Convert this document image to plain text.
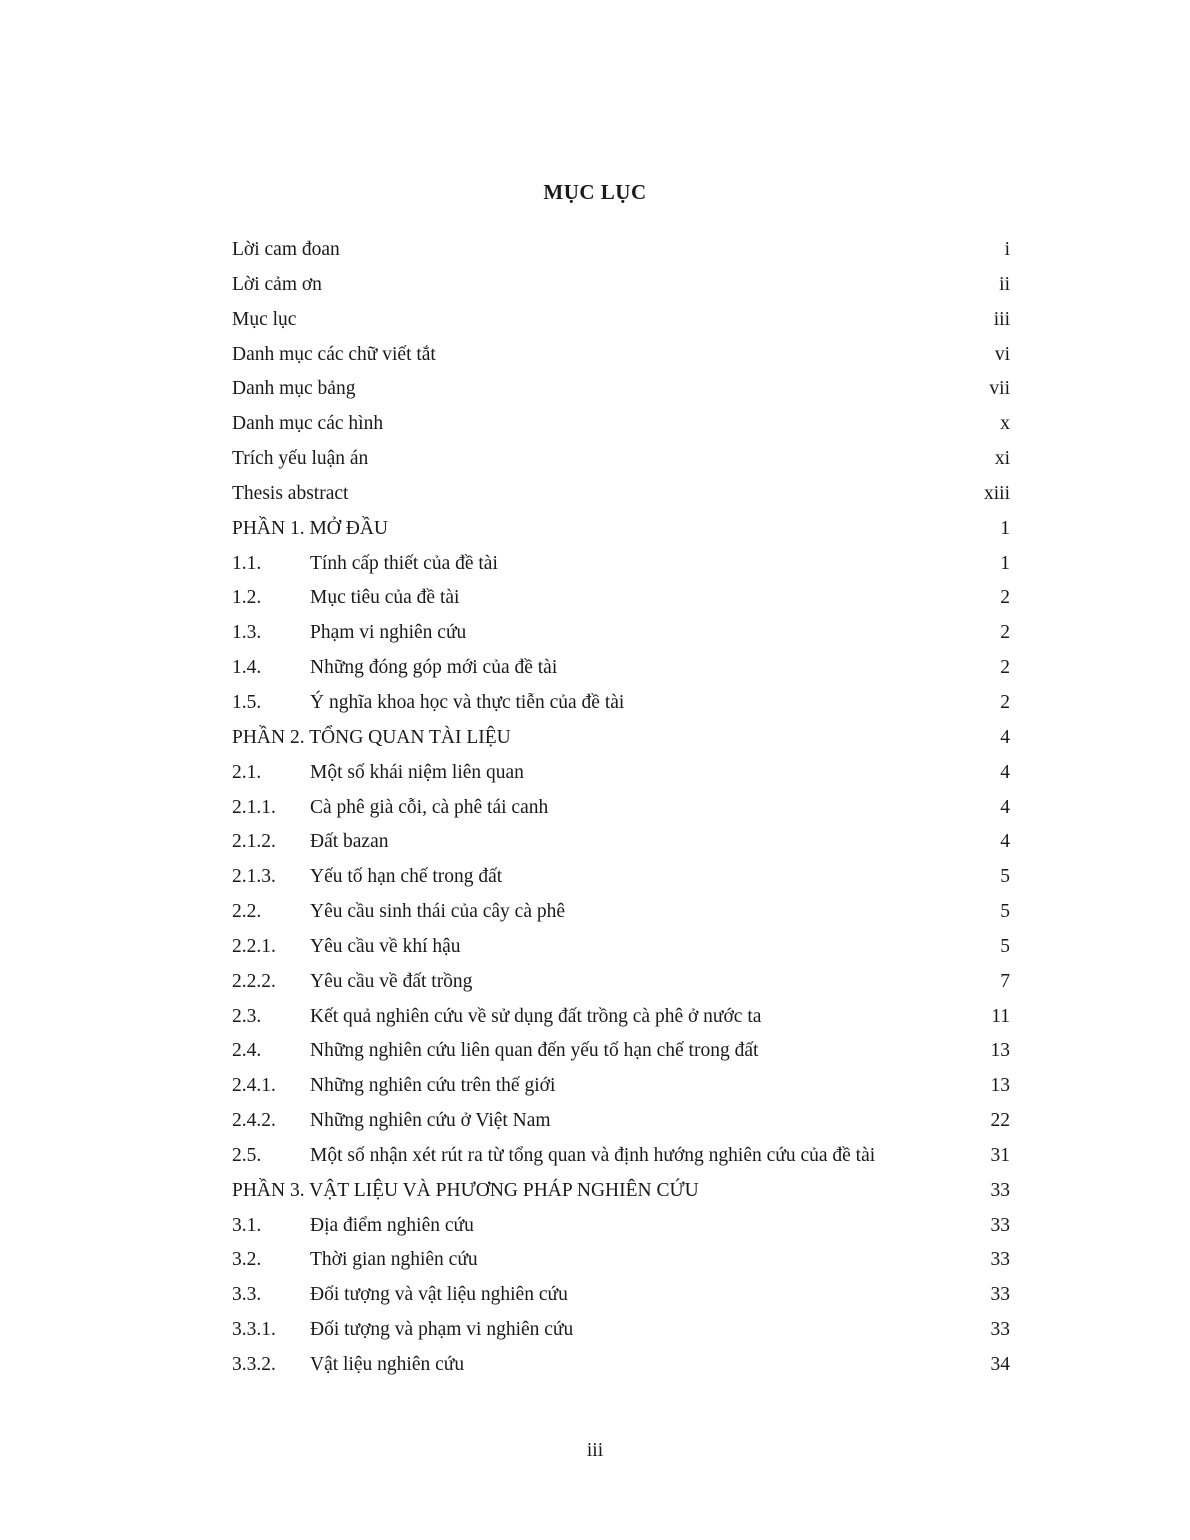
MỤC LỤC
Lời cam đoan	i
Lời cảm ơn	ii
Mục lục	iii
Danh mục các chữ viết tắt	vi
Danh mục bảng	vii
Danh mục các hình	x
Trích yếu luận án	xi
Thesis abstract	xiii
PHẦN 1. MỞ ĐẦU	1
1.1.	Tính cấp thiết của đề tài	1
1.2.	Mục tiêu của đề tài	2
1.3.	Phạm vi nghiên cứu	2
1.4.	Những đóng góp mới của đề tài	2
1.5.	Ý nghĩa khoa học và thực tiễn của đề tài	2
PHẦN 2. TỔNG QUAN TÀI LIỆU	4
2.1.	Một số khái niệm liên quan	4
2.1.1. Cà phê già cỗi, cà phê tái canh	4
2.1.2. Đất bazan	4
2.1.3. Yếu tố hạn chế trong đất	5
2.2.	Yêu cầu sinh thái của cây cà phê	5
2.2.1. Yêu cầu về khí hậu	5
2.2.2. Yêu cầu về đất trồng	7
2.3.	Kết quả nghiên cứu về sử dụng đất trồng cà phê ở nước ta	11
2.4.	Những nghiên cứu liên quan đến yếu tố hạn chế trong đất	13
2.4.1. Những nghiên cứu trên thế giới	13
2.4.2. Những nghiên cứu ở Việt Nam	22
2.5.	Một số nhận xét rút ra từ tổng quan và định hướng nghiên cứu của đề tài	31
PHẦN 3. VẬT LIỆU VÀ PHƯƠNG PHÁP NGHIÊN CỨU	33
3.1.	Địa điểm nghiên cứu	33
3.2.	Thời gian nghiên cứu	33
3.3.	Đối tượng và vật liệu nghiên cứu	33
3.3.1. Đối tượng và phạm vi nghiên cứu	33
3.3.2. Vật liệu nghiên cứu	34
iii
